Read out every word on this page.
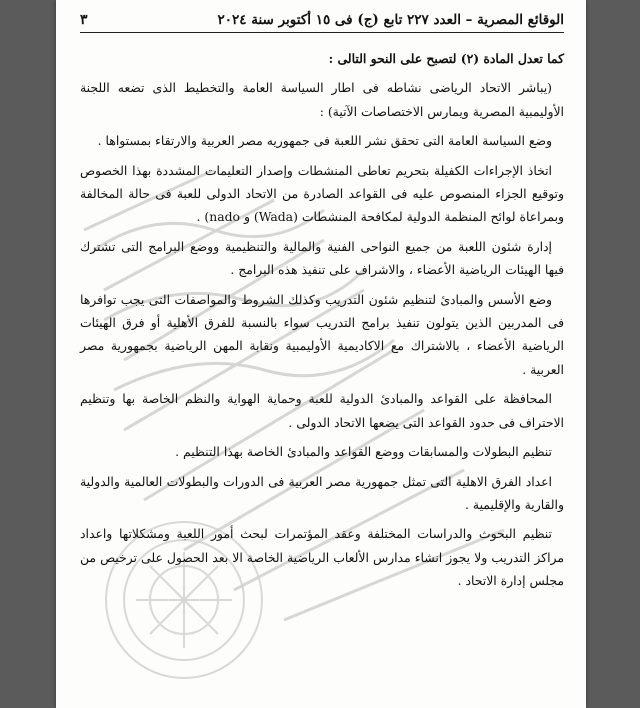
الوقائع المصرية – العدد ٢٢٧ تابع (ج) فى ١٥ أكتوبر سنة ٢٠٢٤
٣

كما تعدل المادة (٢) لتصبح على النحو التالى :

(يباشر الاتحاد الرياضى نشاطه فى اطار السياسة العامة والتخطيط الذى تضعه اللجنة الأوليمبية المصرية ويمارس الاختصاصات الآتية) :

وضع السياسة العامة التى تحقق نشر اللعبة فى جمهوريه مصر العربية والارتقاء بمستواها .

اتخاذ الإجراءات الكفيلة بتحريم تعاطى المنشطات وإصدار التعليمات المشددة بهذا الخصوص وتوقيع الجزاء المنصوص عليه فى القواعد الصادرة من الاتحاد الدولى للعبة فى حالة المخالفة وبمراعاة لوائح المنظمة الدولية لمكافحة المنشطات (Wada) و nado) .

إدارة شئون اللعبة من جميع النواحى الفنية والمالية والتنظيمية ووضع البرامج التى تشترك فيها الهيئات الرياضية الأعضاء ، والاشراف على تنفيذ هذه البرامج .

وضع الأسس والمبادئ لتنظيم شئون التدريب وكذلك الشروط والمواصفات التى يجب توافرها فى المدربين الذين يتولون تنفيذ برامج التدريب سواء بالنسبة للفرق الأهلية أو فرق الهيئات الرياضية الأعضاء ، بالاشتراك مع الاكاديمية الأوليمبية ونقابة المهن الرياضية بجمهورية مصر العربية .

المحافظة على القواعد والمبادئ الدولية للعبة وحماية الهواية والنظم الخاصة بها وتنظيم الاحتراف فى حدود القواعد التى يضعها الاتحاد الدولى .

تنظيم البطولات والمسابقات ووضع القواعد والمبادئ الخاصة بهذا التنظيم .

اعداد الفرق الاهلية التى تمثل جمهورية مصر العربية فى الدورات والبطولات العالمية والدولية والقارية والإقليمية .

تنظيم البحوث والدراسات المختلفة وعقد المؤتمرات لبحث أمور اللعبة ومشكلاتها واعداد مراكز التدريب ولا يجوز انشاء مدارس الألعاب الرياضية الخاصة الا بعد الحصول على ترخيص من مجلس إدارة الاتحاد .
